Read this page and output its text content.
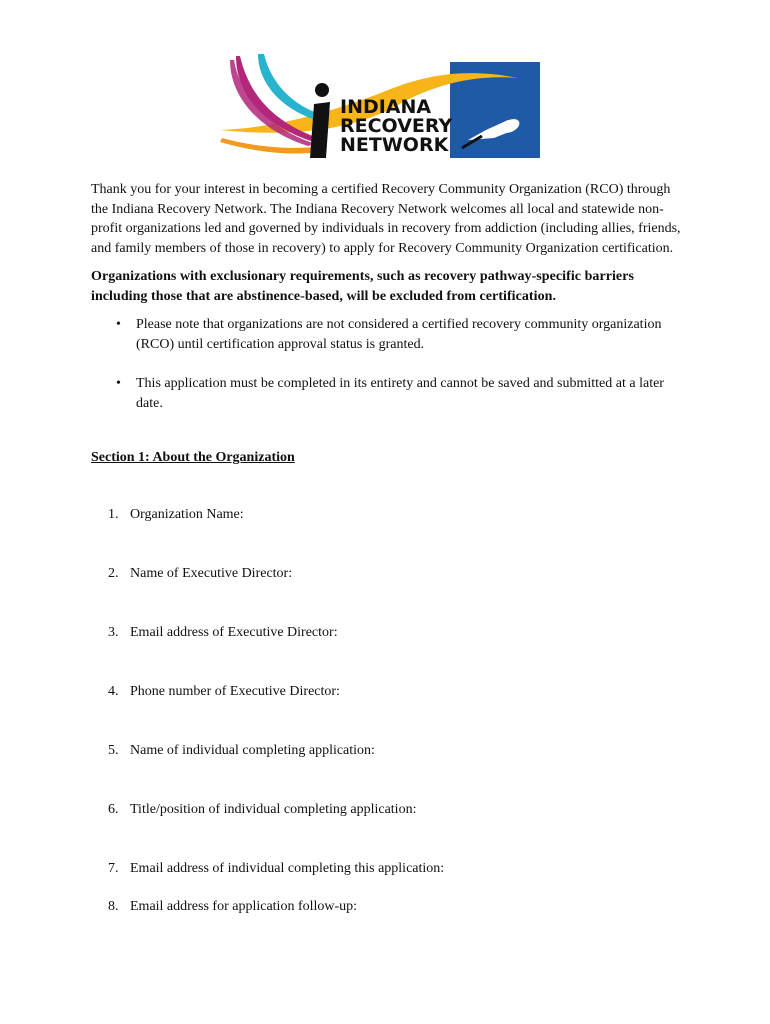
INDIANA
RECOVERY
NETWORK

Thank you for your interest in becoming a certified Recovery Community Organization (RCO) through the Indiana Recovery Network. The Indiana Recovery Network welcomes all local and statewide non-profit organizations led and governed by individuals in recovery from addiction (including allies, friends, and family members of those in recovery) to apply for Recovery Community Organization certification.

Organizations with exclusionary requirements, such as recovery pathway-specific barriers including those that are abstinence-based, will be excluded from certification.

• Please note that organizations are not considered a certified recovery community organization (RCO) until certification approval status is granted.
• This application must be completed in its entirety and cannot be saved and submitted at a later date.
Section 1: About the Organization
1. Organization Name:
2. Name of Executive Director:
3. Email address of Executive Director:
4. Phone number of Executive Director:
5. Name of individual completing application:
6. Title/position of individual completing application:
7. Email address of individual completing this application:
8. Email address for application follow-up:
